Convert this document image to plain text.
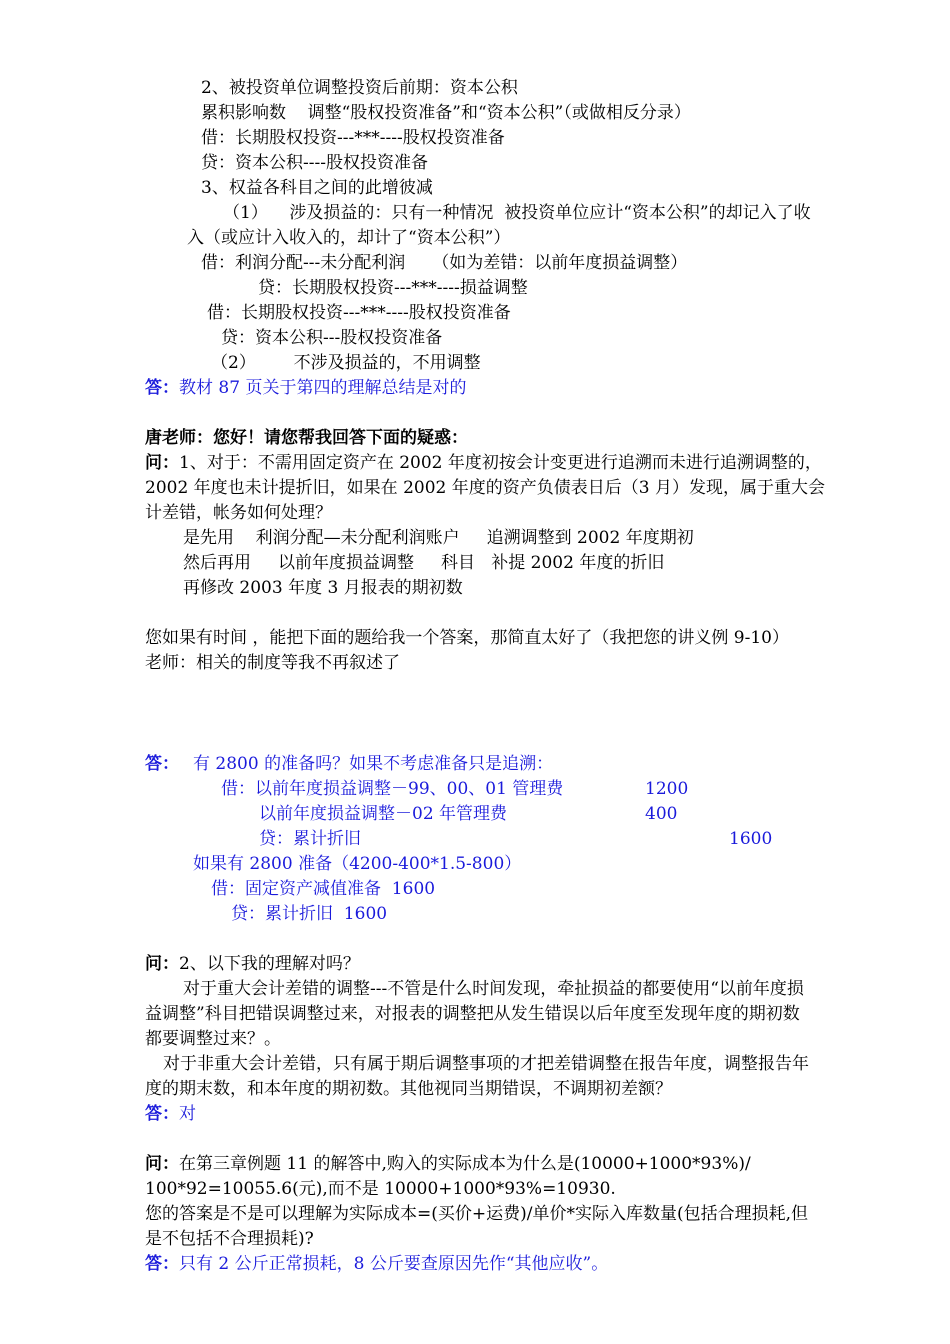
2、被投资单位调整投资后前期：资本公积
累积影响数    调整“股权投资准备”和“资本公积”（或做相反分录）
借：长期股权投资---***----股权投资准备
贷：资本公积----股权投资准备
3、权益各科目之间的此增彼减
（1）    涉及损益的：只有一种情况  被投资单位应计“资本公积”的却记入了收
入（或应计入收入的，却计了“资本公积”）
借：利润分配---未分配利润     （如为差错：以前年度损益调整）
贷：长期股权投资---***----损益调整
借：长期股权投资---***----股权投资准备
贷：资本公积---股权投资准备
（2）       不涉及损益的，不用调整
答：教材 87 页关于第四的理解总结是对的
唐老师：您好！请您帮我回答下面的疑惑：
问：1、对于：不需用固定资产在 2002 年度初按会计变更进行追溯而未进行追溯调整的，
2002 年度也未计提折旧，如果在 2002 年度的资产负债表日后（3 月）发现，属于重大会
计差错，帐务如何处理？
是先用    利润分配—未分配利润账户     追溯调整到 2002 年度期初
然后再用     以前年度损益调整     科目   补提 2002 年度的折旧
再修改 2003 年度 3 月报表的期初数
您如果有时间 ，能把下面的题给我一个答案，那简直太好了（我把您的讲义例 9-10）
老师：相关的制度等我不再叙述了
答： 有 2800 的准备吗？如果不考虑准备只是追溯：
借：以前年度损益调整－99、00、01 管理费	1200
以前年度损益调整－02 年管理费	400
贷：累计折旧	1600
如果有 2800 准备（4200-400*1.5-800）
借：固定资产减值准备  1600
贷：累计折旧  1600
问：2、以下我的理解对吗？
对于重大会计差错的调整---不管是什么时间发现，牵扯损益的都要使用“以前年度损
益调整”科目把错误调整过来，对报表的调整把从发生错误以后年度至发现年度的期初数
都要调整过来？。
对于非重大会计差错，只有属于期后调整事项的才把差错调整在报告年度，调整报告年
度的期末数，和本年度的期初数。其他视同当期错误，不调期初差额？
答：对
问：在第三章例题 11 的解答中,购入的实际成本为什么是(10000+1000*93%)/
100*92=10055.6(元),而不是 10000+1000*93%=10930.
您的答案是不是可以理解为实际成本=(买价+运费)/单价*实际入库数量(包括合理损耗,但
是不包括不合理损耗)?
答：只有 2 公斤正常损耗，8 公斤要查原因先作“其他应收”。
